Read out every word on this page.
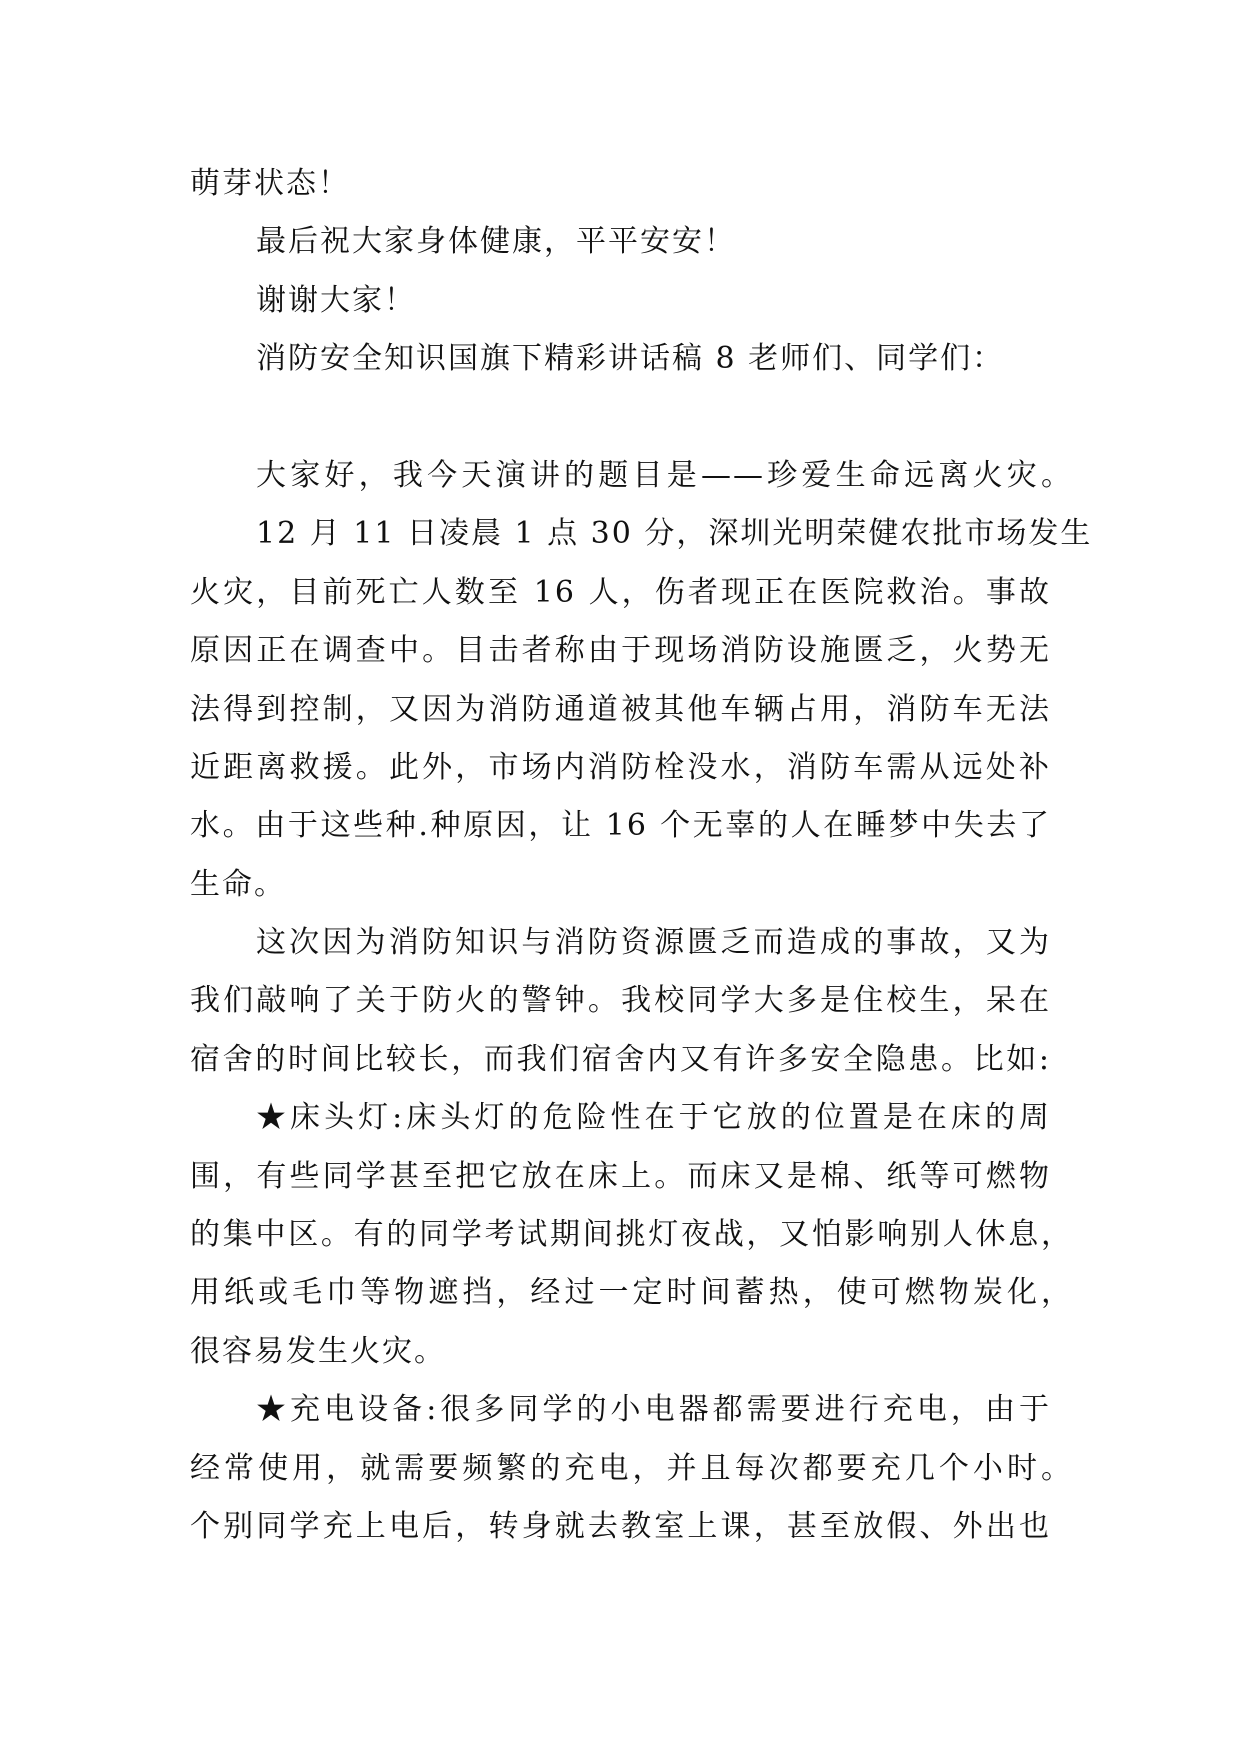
萌芽状态！
最后祝大家身体健康，平平安安！
谢谢大家！
消防安全知识国旗下精彩讲话稿 8 老师们、同学们：
大家好，我今天演讲的题目是——珍爱生命远离火灾。
12 月 11 日凌晨 1 点 30 分，深圳光明荣健农批市场发生
火灾，目前死亡人数至 16 人，伤者现正在医院救治。事故
原因正在调查中。目击者称由于现场消防设施匮乏，火势无
法得到控制，又因为消防通道被其他车辆占用，消防车无法
近距离救援。此外，市场内消防栓没水，消防车需从远处补
水。由于这些种.种原因，让 16 个无辜的人在睡梦中失去了
生命。
这次因为消防知识与消防资源匮乏而造成的事故，又为
我们敲响了关于防火的警钟。我校同学大多是住校生，呆在
宿舍的时间比较长，而我们宿舍内又有许多安全隐患。比如:
★床头灯:床头灯的危险性在于它放的位置是在床的周
围，有些同学甚至把它放在床上。而床又是棉、纸等可燃物
的集中区。有的同学考试期间挑灯夜战，又怕影响别人休息，
用纸或毛巾等物遮挡，经过一定时间蓄热，使可燃物炭化，
很容易发生火灾。
★充电设备:很多同学的小电器都需要进行充电，由于
经常使用，就需要频繁的充电，并且每次都要充几个小时。
个别同学充上电后，转身就去教室上课，甚至放假、外出也
